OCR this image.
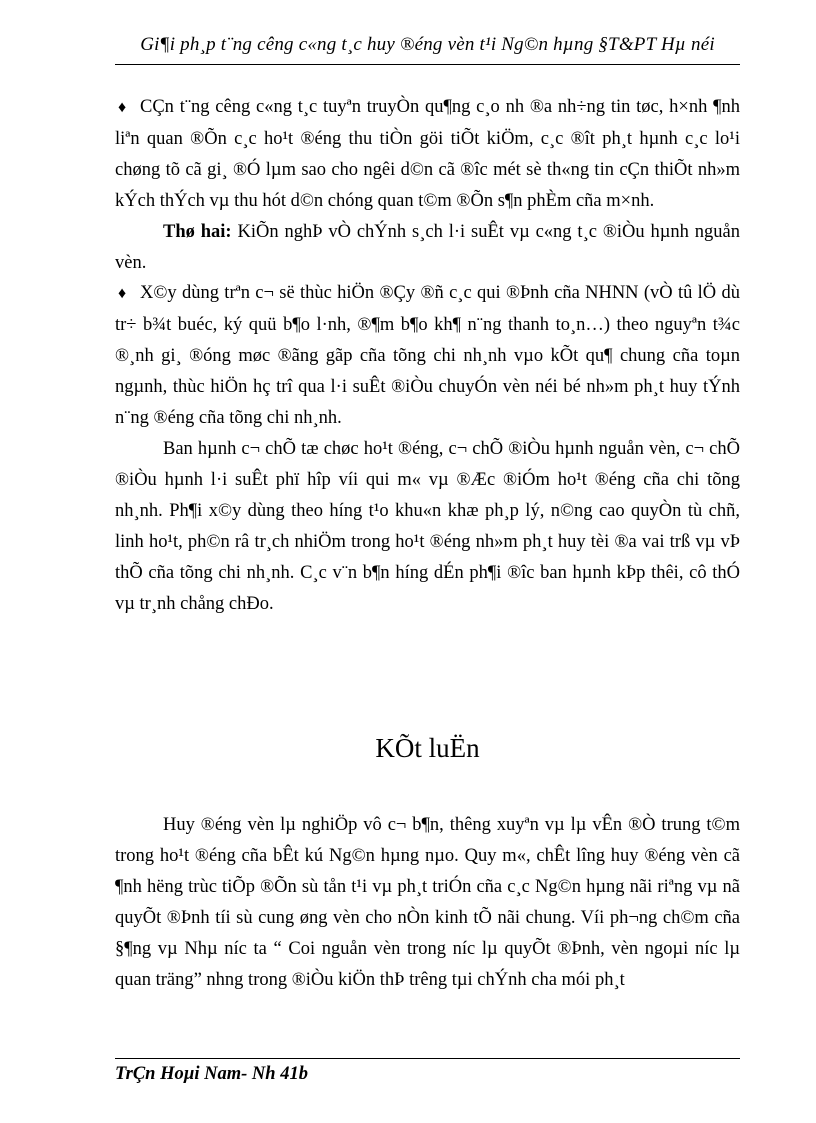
Gi¶i ph¸p t¨ng cêng c«ng t¸c huy ®éng vèn t¹i Ng©n hµng §T&PT Hµ néi

♦ CÇn t¨ng cêng c«ng t¸c tuyªn truyÒn qu¶ng c¸o nh ®a nh÷ng tin tøc, h×nh ¶nh liªn quan ®Õn c¸c ho¹t ®éng thu tiÒn göi tiÕt kiÖm, c¸c ®ît ph¸t hµnh c¸c lo¹i chøng tõ cã gi¸ ®Ó lµm sao cho ngêi d©n cã ®îc mét sè th«ng tin cÇn thiÕt nh»m kÝch thÝch vµ thu hót d©n chóng quan t©m ®Õn s¶n phÈm cña m×nh.

Thø hai: KiÕn nghÞ vÒ chÝnh s¸ch l·i suÊt vµ c«ng t¸c ®iÒu hµnh nguån vèn.

♦ X©y dùng trªn c¬ së thùc hiÖn ®Çy ®ñ c¸c qui ®Þnh cña NHNN (vÒ tû lÖ dù tr÷ b¾t buéc, ký quü b¶o l·nh, ®¶m b¶o kh¶ n¨ng thanh to¸n…) theo nguyªn t¾c ®¸nh gi¸ ®óng møc ®ãng gãp cña tõng chi nh¸nh vµo kÕt qu¶ chung cña toµn ngµnh, thùc hiÖn hç trî qua l·i suÊt ®iÒu chuyÓn vèn néi bé nh»m ph¸t huy tÝnh n¨ng ®éng cña tõng chi nh¸nh.

Ban hµnh c¬ chÕ tæ chøc ho¹t ®éng, c¬ chÕ ®iÒu hµnh nguån vèn, c¬ chÕ ®iÒu hµnh l·i suÊt phï hîp víi qui m« vµ ®Æc ®iÓm ho¹t ®éng cña chi tõng nh¸nh. Ph¶i x©y dùng theo híng t¹o khu«n khæ ph¸p lý, n©ng cao quyÒn tù chñ, linh ho¹t, ph©n râ tr¸ch nhiÖm trong ho¹t ®éng nh»m ph¸t huy tèi ®a vai trß vµ vÞ thÕ cña tõng chi nh¸nh. C¸c v¨n b¶n híng dÉn ph¶i ®îc ban hµnh kÞp thêi, cô thÓ vµ tr¸nh chång chÐo.

KÕt luËn

Huy ®éng vèn lµ nghiÖp vô c¬ b¶n, thêng xuyªn vµ lµ vÊn ®Ò trung t©m trong ho¹t ®éng cña bÊt kú Ng©n hµng nµo. Quy m«, chÊt lîng huy ®éng vèn cã ¶nh hëng trùc tiÕp ®Õn sù tån t¹i vµ ph¸t triÓn cña c¸c Ng©n hµng nãi riªng vµ nã quyÕt ®Þnh tíi sù cung øng vèn cho nÒn kinh tÕ nãi chung. Víi ph¬ng ch©m cña §¶ng vµ Nhµ níc ta “ Coi nguån vèn trong níc lµ quyÕt ®Þnh, vèn ngoµi níc lµ quan träng” nhng trong ®iÒu kiÖn thÞ trêng tµi chÝnh cha mói ph¸t

TrÇn Hoµi Nam- Nh 41b
